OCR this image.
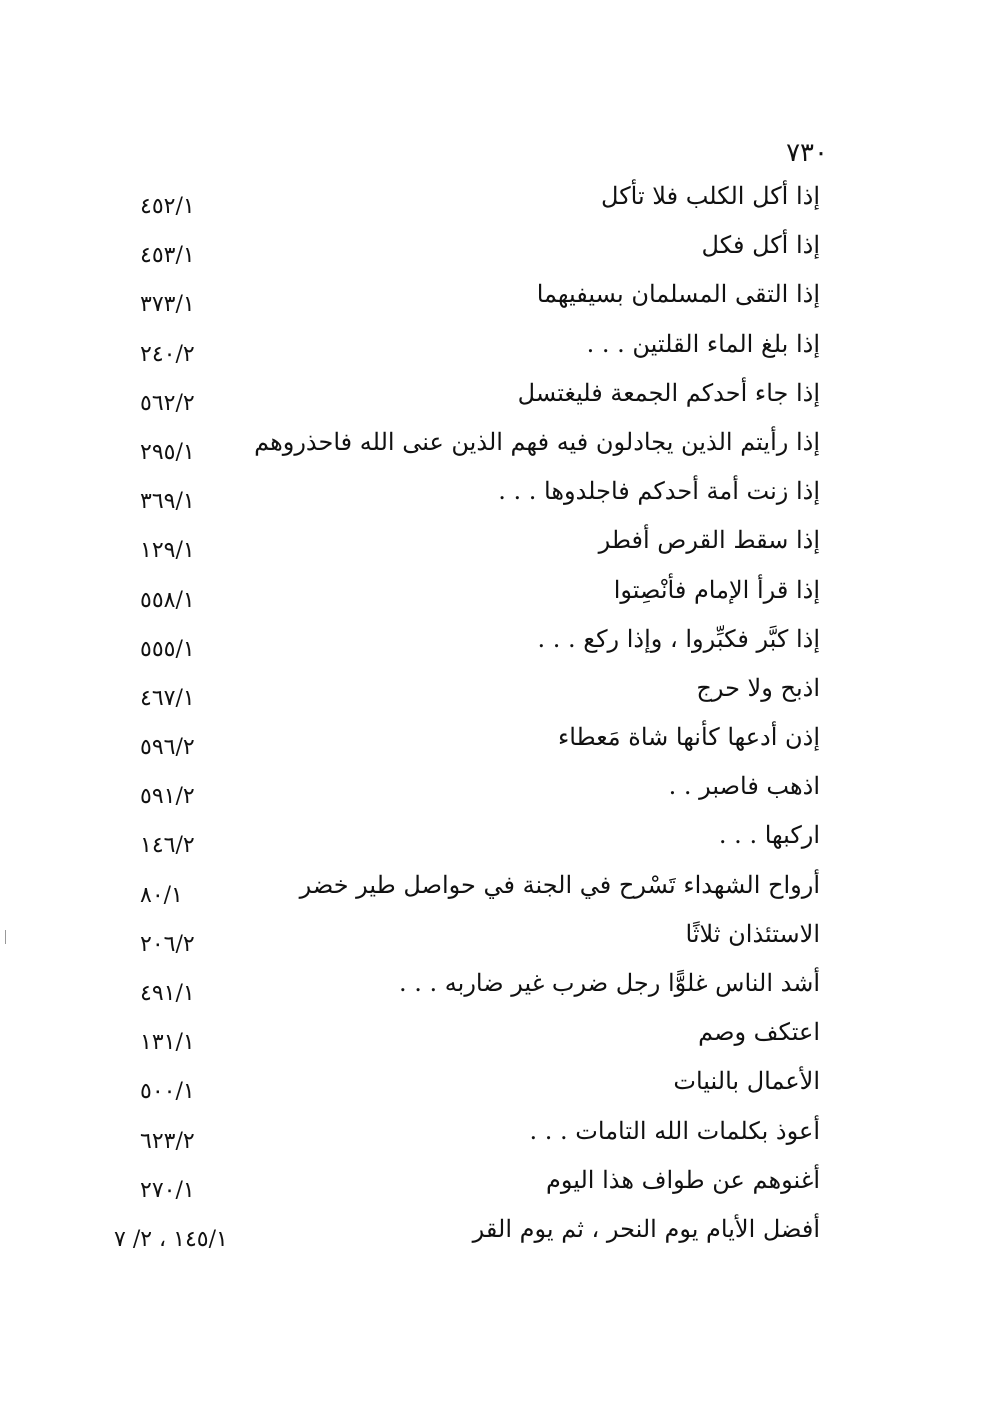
٧٣٠
إذا أكل الكلب فلا تأكل
٤٥٢/١
إذا أكل فكل
٤٥٣/١
إذا التقى المسلمان بسيفيهما
٣٧٣/١
إذا بلغ الماء القلتين . . .
٢٤٠/٢
إذا جاء أحدكم الجمعة فليغتسل
٥٦٢/٢
إذا رأيتم الذين يجادلون فيه فهم الذين عنى الله فاحذروهم
٢٩٥/١
إذا زنت أمة أحدكم فاجلدوها . . .
٣٦٩/١
إذا سقط القرص أفطر
١٢٩/١
إذا قرأ الإمام فأنْصِتوا
٥٥٨/١
إذا كبَّر فكبِّروا ، وإذا ركع . . .
٥٥٥/١
اذبح ولا حرج
٤٦٧/١
إذن أدعها كأنها شاة مَعطاء
٥٩٦/٢
اذهب فاصبر . .
٥٩١/٢
اركبها . . .
١٤٦/٢
أرواح الشهداء تَسْرح في الجنة في حواصل طير خضر
٨٠/١
الاستئذان ثلاثًا
٢٠٦/٢
أشد الناس غلوًّا رجل ضرب غير ضاربه . . .
٤٩١/١
اعتكف وصم
١٣١/١
الأعمال بالنيات
٥٠٠/١
أعوذ بكلمات الله التامات . . .
٦٢٣/٢
أغنوهم عن طواف هذا اليوم
٢٧٠/١
أفضل الأيام يوم النحر ، ثم يوم القر
١٤٥/١ ، ٢/ ٧
